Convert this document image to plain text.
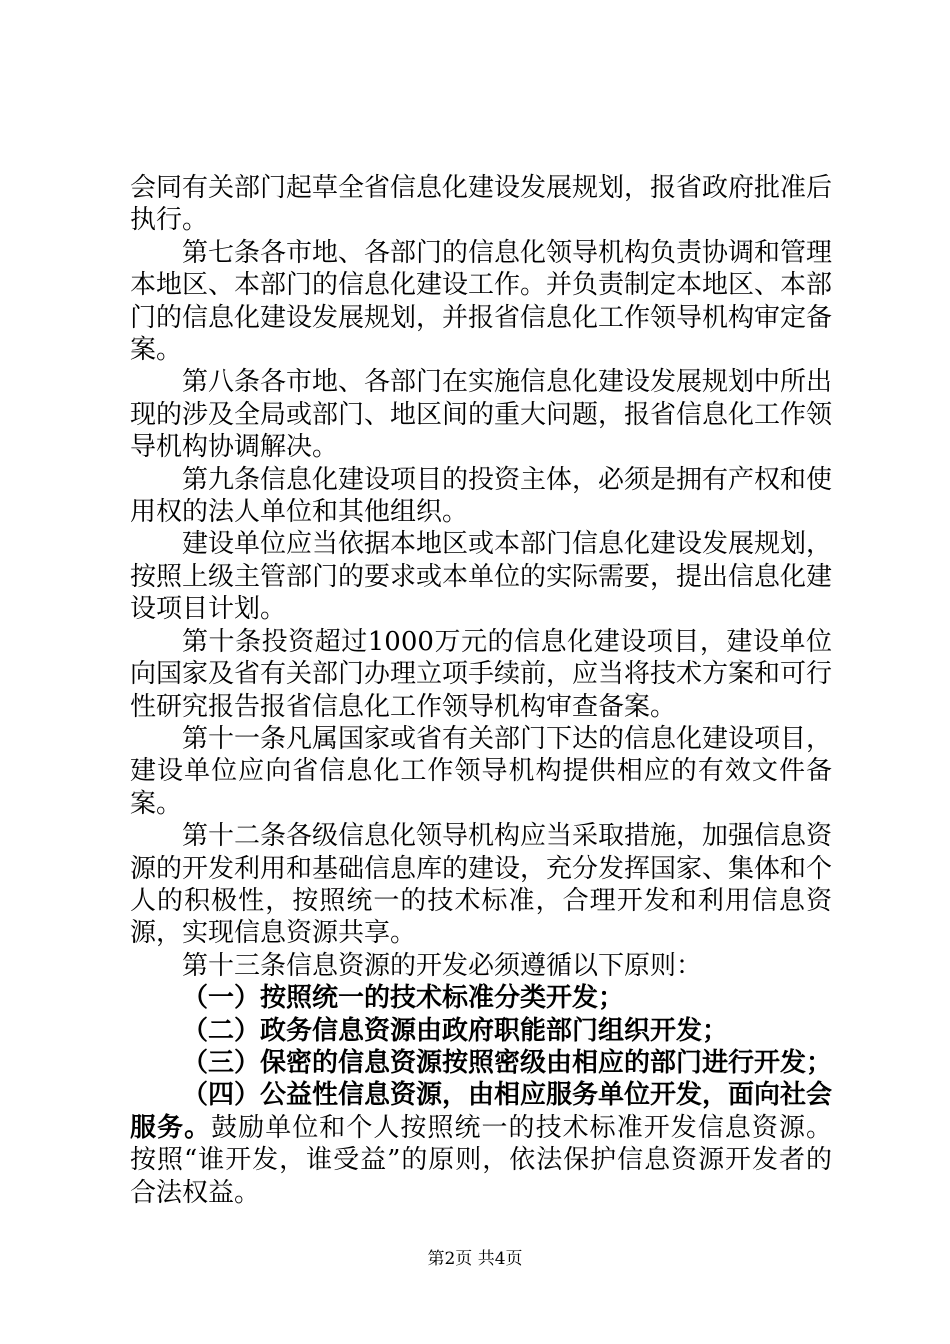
会同有关部门起草全省信息化建设发展规划，报省政府批准后执行。

第七条各市地、各部门的信息化领导机构负责协调和管理本地区、本部门的信息化建设工作。并负责制定本地区、本部门的信息化建设发展规划，并报省信息化工作领导机构审定备案。

第八条各市地、各部门在实施信息化建设发展规划中所出现的涉及全局或部门、地区间的重大问题，报省信息化工作领导机构协调解决。

第九条信息化建设项目的投资主体，必须是拥有产权和使用权的法人单位和其他组织。

建设单位应当依据本地区或本部门信息化建设发展规划，按照上级主管部门的要求或本单位的实际需要，提出信息化建设项目计划。

第十条投资超过1000万元的信息化建设项目，建设单位向国家及省有关部门办理立项手续前，应当将技术方案和可行性研究报告报省信息化工作领导机构审查备案。

第十一条凡属国家或省有关部门下达的信息化建设项目，建设单位应向省信息化工作领导机构提供相应的有效文件备案。

第十二条各级信息化领导机构应当采取措施，加强信息资源的开发利用和基础信息库的建设，充分发挥国家、集体和个人的积极性，按照统一的技术标准，合理开发和利用信息资源，实现信息资源共享。

第十三条信息资源的开发必须遵循以下原则：

（一）按照统一的技术标准分类开发；

（二）政务信息资源由政府职能部门组织开发；

（三）保密的信息资源按照密级由相应的部门进行开发；

（四）公益性信息资源，由相应服务单位开发，面向社会服务。鼓励单位和个人按照统一的技术标准开发信息资源。按照“谁开发，谁受益”的原则，依法保护信息资源开发者的合法权益。

第2页 共4页
